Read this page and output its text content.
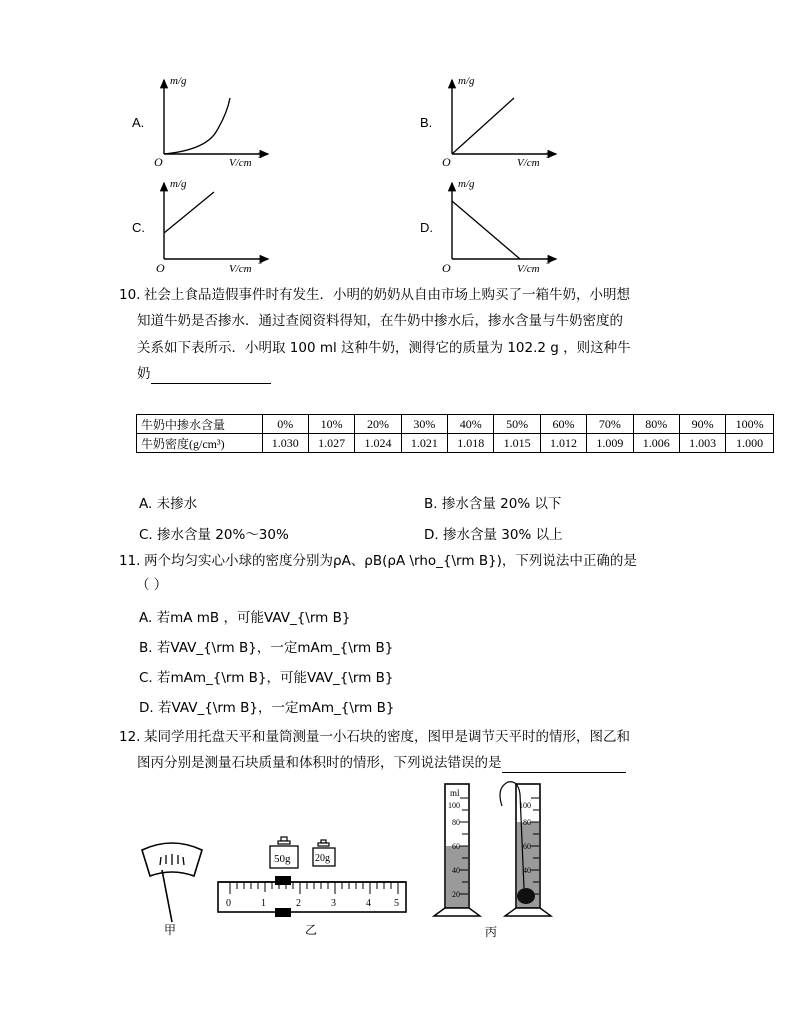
A.
m/g
O	V/cm
3
B.
m/g
O	V/cm
3
C.
m/g
O	V/cm
3
D.
m/g
O	V/cm
3
10. 社会上食品造假事件时有发生．小明的奶奶从自由市场上购买了一箱牛奶，小明想
知道牛奶是否掺水．通过查阅资料得知，在牛奶中掺水后，掺水含量与牛奶密度的
关系如下表所示．小明取 100 ml 这种牛奶，测得它的质量为 102.2 g ，则这种牛
奶
牛奶中掺水含量	0%	10%	20%	30%	40%	50%	60%	70%	80%	90%	100%
牛奶密度(g/cm³)	1.030	1.027	1.024	1.021	1.018	1.015	1.012	1.009	1.006	1.003	1.000
A. 未掺水	B. 掺水含量 20% 以下
C. 掺水含量 20%～30%	D. 掺水含量 30% 以上
11. 两个均匀实心小球的密度分别为ρA、ρB(ρA \rho_{\rm B})，下列说法中正确的是
（ ）
A. 若mA mB ，可能VAV_{\rm B}
B. 若VAV_{\rm B}，一定mAm_{\rm B}
C. 若mAm_{\rm B}，可能VAV_{\rm B}
D. 若VAV_{\rm B}，一定mAm_{\rm B}
12. 某同学用托盘天平和量筒测量一小石块的密度，图甲是调节天平时的情形，图乙和
图丙分别是测量石块质量和体积时的情形，下列说法错误的是
甲
50g 20g
0	1	2	3	4 5
乙
ml
100
80
60
40
20
100
80
60
40
丙
